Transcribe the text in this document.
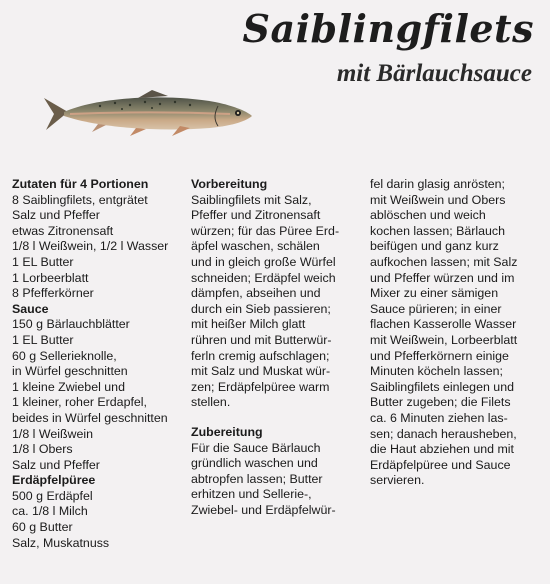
Saiblingfilets
mit Bärlauchsauce
Zutaten für 4 Portionen
8 Saiblingfilets, entgrätet
Salz und Pfeffer
etwas Zitronensaft
1/8 l Weißwein, 1/2 l Wasser
1 EL Butter
1 Lorbeerblatt
8 Pfefferkörner
Sauce
150 g Bärlauchblätter
1 EL Butter
60 g Sellerieknolle,
in Würfel geschnitten
1 kleine Zwiebel und
1 kleiner, roher Erdapfel,
beides in Würfel geschnitten
1/8 l Weißwein
1/8 l Obers
Salz und Pfeffer
Erdäpfelpüree
500 g Erdäpfel
ca. 1/8 l Milch
60 g Butter
Salz, Muskatnuss
Vorbereitung
Saiblingfilets mit Salz,
Pfeffer und Zitronensaft
würzen; für das Püree Erd-
äpfel waschen, schälen
und in gleich große Würfel
schneiden; Erdäpfel weich
dämpfen, abseihen und
durch ein Sieb passieren;
mit heißer Milch glatt
rühren und mit Butterwür-
ferln cremig aufschlagen;
mit Salz und Muskat wür-
zen; Erdäpfelpüree warm
stellen.
Zubereitung
Für die Sauce Bärlauch
gründlich waschen und
abtropfen lassen; Butter
erhitzen und Sellerie-,
Zwiebel- und Erdäpfelwür-
fel darin glasig anrösten;
mit Weißwein und Obers
ablöschen und weich
kochen lassen; Bärlauch
beifügen und ganz kurz
aufkochen lassen; mit Salz
und Pfeffer würzen und im
Mixer zu einer sämigen
Sauce pürieren; in einer
flachen Kasserolle Wasser
mit Weißwein, Lorbeerblatt
und Pfefferkörnern einige
Minuten köcheln lassen;
Saiblingfilets einlegen und
Butter zugeben; die Filets
ca. 6 Minuten ziehen las-
sen; danach herausheben,
die Haut abziehen und mit
Erdäpfelpüree und Sauce
servieren.
